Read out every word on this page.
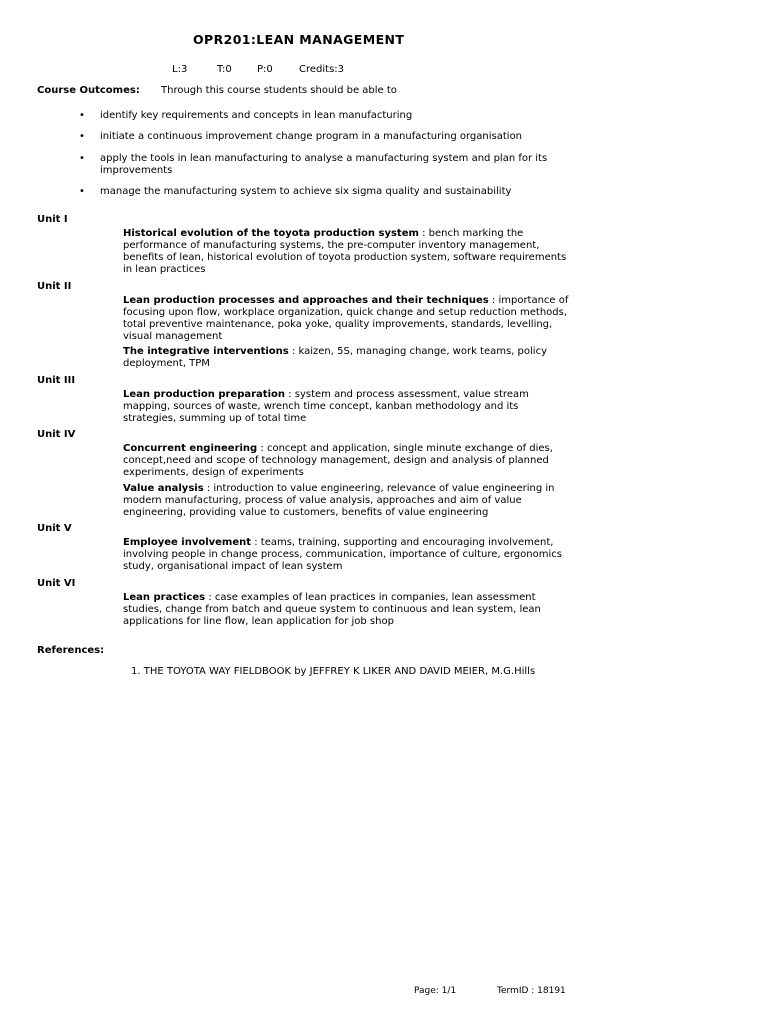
OPR201:LEAN MANAGEMENT
L:3	T:0	P:0	Credits:3
Course Outcomes: Through this course students should be able to
• identify key requirements and concepts in lean manufacturing
• initiate a continuous improvement change program in a manufacturing organisation
• apply the tools in lean manufacturing to analyse a manufacturing system and plan for its improvements
• manage the manufacturing system to achieve six sigma quality and sustainability
Unit I
Historical evolution of the toyota production system : bench marking the performance of manufacturing systems, the pre-computer inventory management, benefits of lean, historical evolution of toyota production system, software requirements in lean practices
Unit II
Lean production processes and approaches and their techniques : importance of focusing upon flow, workplace organization, quick change and setup reduction methods, total preventive maintenance, poka yoke, quality improvements, standards, levelling, visual management
The integrative interventions : kaizen, 5S, managing change, work teams, policy deployment, TPM
Unit III
Lean production preparation : system and process assessment, value stream mapping, sources of waste, wrench time concept, kanban methodology and its strategies, summing up of total time
Unit IV
Concurrent engineering : concept and application, single minute exchange of dies, concept,need and scope of technology management, design and analysis of planned experiments, design of experiments
Value analysis : introduction to value engineering, relevance of value engineering in modern manufacturing, process of value analysis, approaches and aim of value engineering, providing value to customers, benefits of value engineering
Unit V
Employee involvement : teams, training, supporting and encouraging involvement, involving people in change process, communication, importance of culture, ergonomics study, organisational impact of lean system
Unit VI
Lean practices : case examples of lean practices in companies, lean assessment studies, change from batch and queue system to continuous and lean system, lean applications for line flow, lean application for job shop
References:
1. THE TOYOTA WAY FIELDBOOK by JEFFREY K LIKER AND DAVID MEIER, M.G.Hills
Page: 1/1	TermID : 18191
